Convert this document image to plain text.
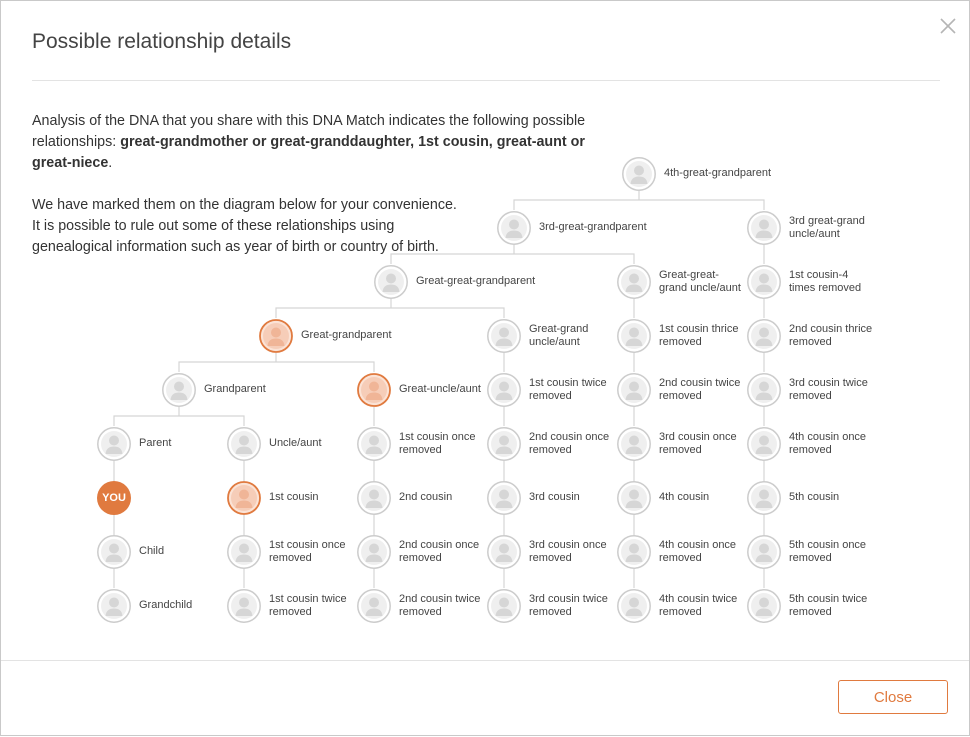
Possible relationship details

Analysis of the DNA that you share with this DNA Match indicates the following possible relationships: great-grandmother or great-granddaughter, 1st cousin, great-aunt or great-niece.

We have marked them on the diagram below for your convenience. It is possible to rule out some of these relationships using genealogical information such as year of birth or country of birth.

4th-great-grandparent
3rd-great-grandparent	3rd great-grand
uncle/aunt
Great-great-grandparent	Great-great-
grand uncle/aunt
1st cousin-4
times removed
Great-grandparent	Great-grand
uncle/aunt
1st cousin thrice
removed
2nd cousin thrice
removed
Grandparent	Great-uncle/aunt	1st cousin twice
removed
2nd cousin twice
removed
3rd cousin twice
removed
Parent	Uncle/aunt	1st cousin once
removed
2nd cousin once
removed
3rd cousin once
removed
4th cousin once
removed
YOU	1st cousin	2nd cousin	3rd cousin	4th cousin	5th cousin
Child	1st cousin once
removed
2nd cousin once
removed
3rd cousin once
removed
4th cousin once
removed
5th cousin once
removed
Grandchild	1st cousin twice
removed
2nd cousin twice
removed
3rd cousin twice
removed
4th cousin twice
removed
5th cousin twice
removed
Close
